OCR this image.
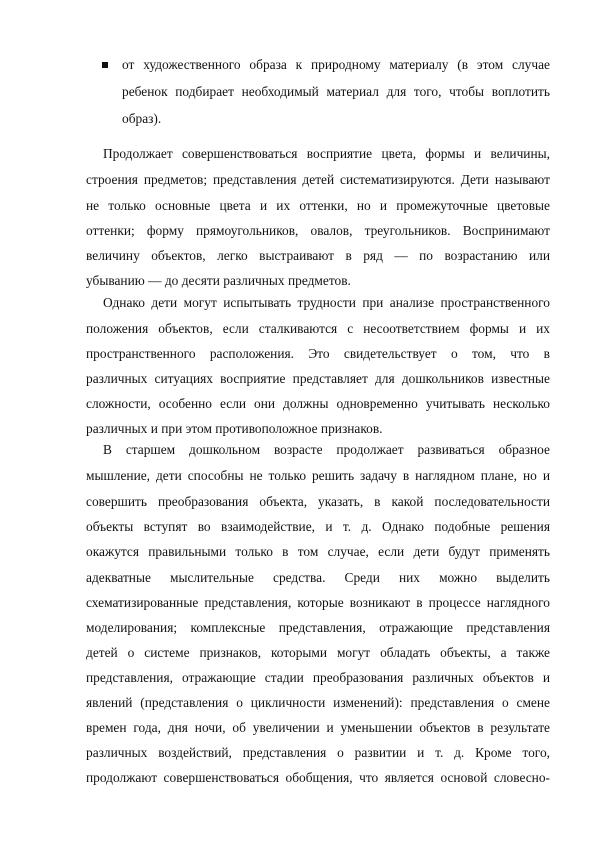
от художественного образа к природному материалу (в этом случае
ребенок подбирает необходимый материал для того, чтобы воплотить
образ).
Продолжает совершенствоваться восприятие цвета, формы и величины,
строения предметов; представления детей систематизируются. Дети называют
не только основные цвета и их оттенки, но и промежуточные цветовые
оттенки; форму прямоугольников, овалов, треугольников. Воспринимают
величину объектов, легко выстраивают в ряд — по возрастанию или
убыванию — до десяти различных предметов.
Однако дети могут испытывать трудности при анализе пространственного
положения объектов, если сталкиваются с несоответствием формы и их
пространственного расположения. Это свидетельствует о том, что в
различных ситуациях восприятие представляет для дошкольников известные
сложности, особенно если они должны одновременно учитывать несколько
различных и при этом противоположное признаков.
В старшем дошкольном возрасте продолжает развиваться образное
мышление, дети способны не только решить задачу в наглядном плане, но и
совершить преобразования объекта, указать, в какой последовательности
объекты вступят во взаимодействие, и т. д. Однако подобные решения
окажутся правильными только в том случае, если дети будут применять
адекватные мыслительные средства. Среди них можно выделить
схематизированные представления, которые возникают в процессе наглядного
моделирования; комплексные представления, отражающие представления
детей о системе признаков, которыми могут обладать объекты, а также
представления, отражающие стадии преобразования различных объектов и
явлений (представления о цикличности изменений): представления о смене
времен года, дня ночи, об увеличении и уменьшении объектов в результате
различных воздействий, представления о развитии и т. д. Кроме того,
продолжают совершенствоваться обобщения, что является основой словесно-
